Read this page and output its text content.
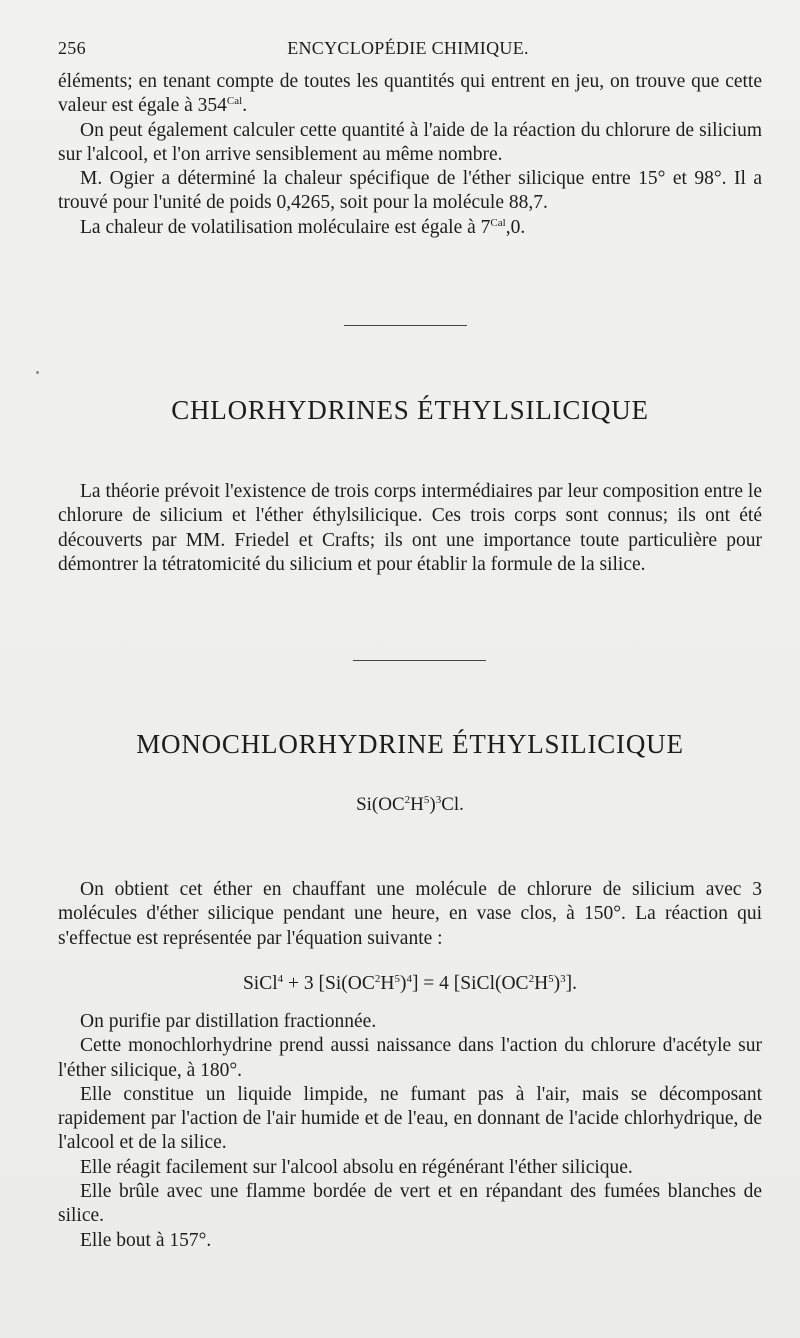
256	ENCYCLOPÉDIE CHIMIQUE.

éléments; en tenant compte de toutes les quantités qui entrent en jeu, on trouve que cette valeur est égale à $354^{Cal}$.

On peut également calculer cette quantité à l'aide de la réaction du chlorure de silicium sur l'alcool, et l'on arrive sensiblement au même nombre.

M. Ogier a déterminé la chaleur spécifique de l'éther silicique entre 15° et 98°. Il a trouvé pour l'unité de poids 0,4265, soit pour la molécule 88,7.

La chaleur de volatilisation moléculaire est égale à $7^{Cal},0$.

CHLORHYDRINES ÉTHYLSILICIQUE

La théorie prévoit l'existence de trois corps intermédiaires par leur composition entre le chlorure de silicium et l'éther éthylsilicique. Ces trois corps sont connus; ils ont été découverts par MM. Friedel et Crafts; ils ont une importance toute particulière pour démontrer la tétratomicité du silicium et pour établir la formule de la silice.

MONOCHLORHYDRINE ÉTHYLSILICIQUE
$Si(OC^2H^5)^3Cl$.

On obtient cet éther en chauffant une molécule de chlorure de silicium avec 3 molécules d'éther silicique pendant une heure, en vase clos, à 150°. La réaction qui s'effectue est représentée par l'équation suivante :

SiCl$^4$ + 3 $[Si(OC^2H^5)^4] = 4$ $[SiCl(OC^2H^5)^3]$.

On purifie par distillation fractionnée.

Cette monochlorhydrine prend aussi naissance dans l'action du chlorure d'acétyle sur l'éther silicique, à 180°.

Elle constitue un liquide limpide, ne fumant pas à l'air, mais se décomposant rapidement par l'action de l'air humide et de l'eau, en donnant de l'acide chlorhydrique, de l'alcool et de la silice.

Elle réagit facilement sur l'alcool absolu en régénérant l'éther silicique.

Elle brûle avec une flamme bordée de vert et en répandant des fumées blanches de silice.

Elle bout à 157°.
